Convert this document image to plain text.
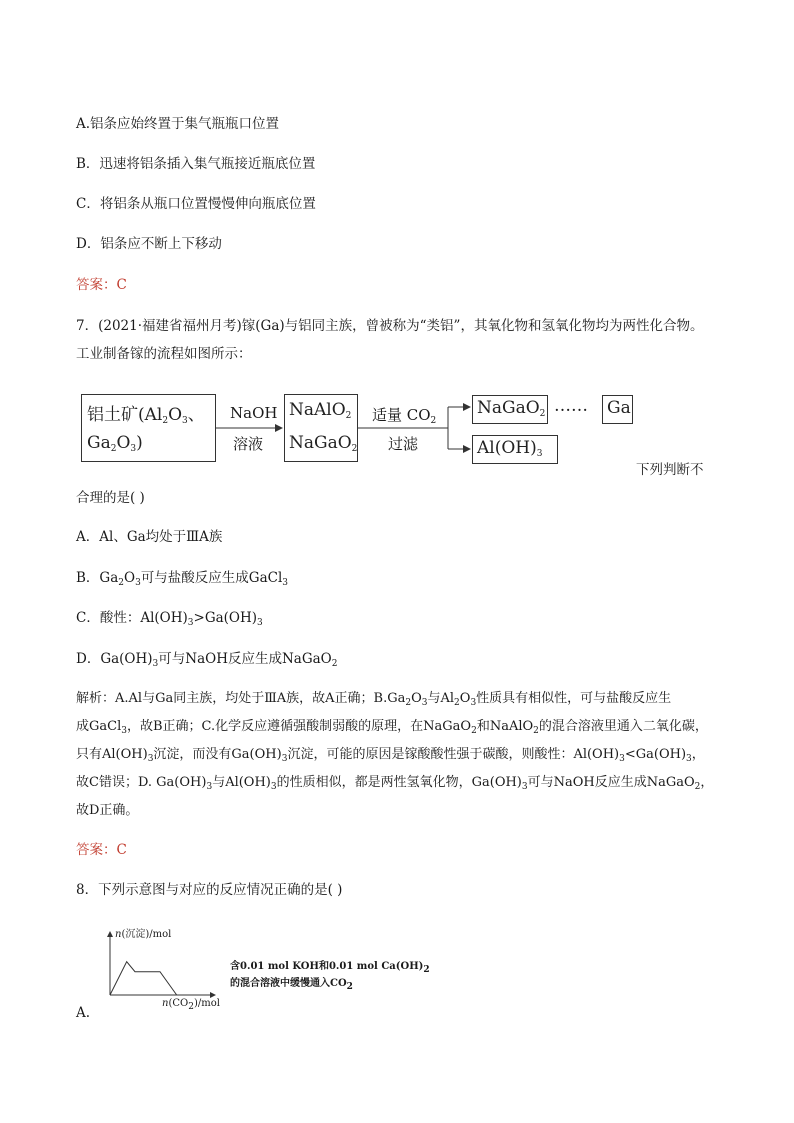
A.铝条应始终置于集气瓶瓶口位置
B．迅速将铝条插入集气瓶接近瓶底位置
C．将铝条从瓶口位置慢慢伸向瓶底位置
D．铝条应不断上下移动
答案：C
7．(2021·福建省福州月考)镓(Ga)与铝同主族，曾被称为“类铝”，其氧化物和氢氧化物均为两性化合物。
工业制备镓的流程如图所示：
铝土矿($Al_2O_3$、
$Ga_2O_3$)
NaOH
溶液
NaAlO$_2$
NaGaO$_2$
适量 $CO_2$
过滤
NaGaO$_2$ …… Ga
$Al(OH)_3$
下列判断不
合理的是( )
A．Al、Ga均处于ⅢA族
B．$Ga_2O_3$可与盐酸反应生成GaCl$_3$
C．酸性：$Al(OH)_3>Ga(OH)_3$
D．$Ga(OH)_3$可与NaOH反应生成NaGaO$_2$
解析：A.Al与Ga同主族，均处于ⅢA族，故A正确；$B.Ga_2O_3$与$Al_2O_3$性质具有相似性，可与盐酸反应生
成GaCl$_3$，故B正确；C.化学反应遵循强酸制弱酸的原理，在NaGaO$_2$和NaAlO$_2$的混合溶液里通入二氧化碳，
只有$Al(OH)_3$沉淀，而没有$Ga(OH)_3$沉淀，可能的原因是镓酸酸性强于碳酸，则酸性：$Al(OH)_3<Ga(OH)_3$，
故C错误；D. $Ga(OH)_3$与$Al(OH)_3$的性质相似，都是两性氢氧化物，$Ga(OH)_3$可与NaOH反应生成NaGaO$_2$，
故D正确。
答案：C
8．下列示意图与对应的反应情况正确的是( )
n(沉淀)/mol
$n(CO_2)$/mol
含0.01 mol KOH和0.01 mol $Ca(OH)_2$
的混合溶液中缓慢通入$CO_2$
A.
